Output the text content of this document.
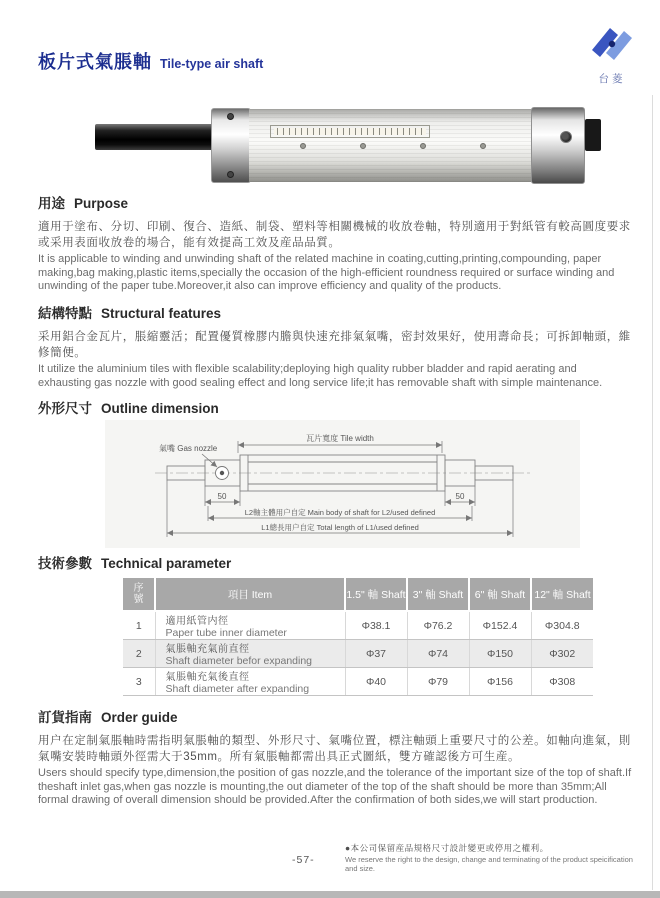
板片式氣脹軸 Tile-type air shaft
台菱
用途 Purpose

適用于塗布、分切、印刷、復合、造紙、制袋、塑料等相關機械的收放卷軸，特別適用于對紙管有較高圓度要求或采用表面收放卷的場合，能有效提高工效及産品品質。

It is applicable to winding and unwinding shaft of the related machine in coating,cutting,printing,compounding, paper making,bag making,plastic items,specially the occasion of the high-efficient roundness required or surface winding and unwinding of the paper tube.Moreover,it also can improve efficiency and quality of the products.

結構特點 Structural features

采用鋁合金瓦片，脹縮靈活；配置優質橡膠内膽與快速充排氣氣嘴，密封效果好，使用壽命長；可拆卸軸頭，維修簡便。

It utilize the aluminium tiles with flexible scalability;deploying high quality rubber bladder and rapid aerating and exhausting gas nozzle with good sealing effect and long service life;it has removable shaft with simple maintenance.

外形尺寸 Outline dimension
氣嘴 Gas nozzle
瓦片寬度 Tile width
50	50
L2軸主體用户自定 Main body of shaft for L2/used defined
L1總長用户自定 Total length of L1/used defined
技術參數 Technical parameter
序
號	項目 Item	1.5" 軸 Shaft	3" 軸 Shaft	6" 軸 Shaft	12" 軸 Shaft
1	適用紙管内徑
Paper tube inner diameter	Φ38.1	Φ76.2	Φ152.4	Φ304.8
2	氣脹軸充氣前直徑
Shaft diameter befor expanding	Φ37	Φ74	Φ150	Φ302
3	氣脹軸充氣後直徑
Shaft diameter after expanding	Φ40	Φ79	Φ156	Φ308
訂貨指南 Order guide

用户在定制氣脹軸時需指明氣脹軸的類型、外形尺寸、氣嘴位置，標注軸頭上重要尺寸的公差。如軸向進氣，則氣嘴安裝時軸頭外徑需大于35mm。所有氣脹軸都需出具正式圖紙，雙方確認後方可生産。

Users should specify type,dimension,the position of gas nozzle,and the tolerance of the important size of the top of shaft.If theshaft inlet gas,when gas nozzle is mounting,the out diameter of the top of the shaft should be more than 35mm;All formal drawing of overall dimension should be provided.After the confirmation of both sides,we will start production.

-57-
●本公司保留産品規格尺寸設計變更或停用之權利。
We reserve the right to the design, change and terminating of the product speicification and size.
